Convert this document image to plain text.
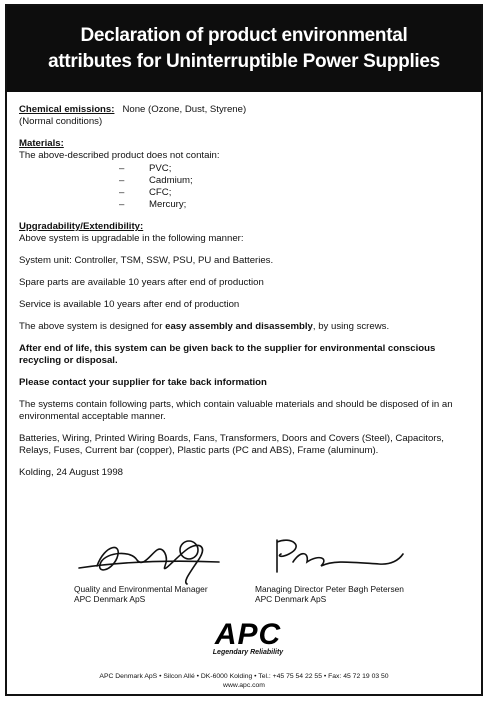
Declaration of product environmental
attributes for Uninterruptible Power Supplies
Chemical emissions: None (Ozone, Dust, Styrene)
(Normal conditions)
Materials:
The above-described product does not contain:
–	PVC;
–	Cadmium;
–	CFC;
–	Mercury;
Upgradability/Extendibility:
Above system is upgradable in the following manner:
System unit: Controller, TSM, SSW, PSU, PU and Batteries.
Spare parts are available 10 years after end of production
Service is available 10 years after end of production
The above system is designed for easy assembly and disassembly, by using screws.
After end of life, this system can be given back to the supplier for environmental conscious recycling or disposal.
Please contact your supplier for take back information
The systems contain following parts, which contain valuable materials and should be disposed of in an environmental acceptable manner.
Batteries, Wiring, Printed Wiring Boards, Fans, Transformers, Doors and Covers (Steel), Capacitors, Relays, Fuses, Current bar (copper), Plastic parts (PC and ABS), Frame (aluminum).
Kolding, 24 August 1998
Quality and Environmental Manager
APC Denmark ApS
Managing Director Peter Bøgh Petersen
APC Denmark ApS
APC
Legendary Reliability
APC Denmark ApS • Silcon Allé • DK-6000 Kolding • Tel.: +45 75 54 22 55 • Fax: 45 72 19 03 50
www.apc.com
